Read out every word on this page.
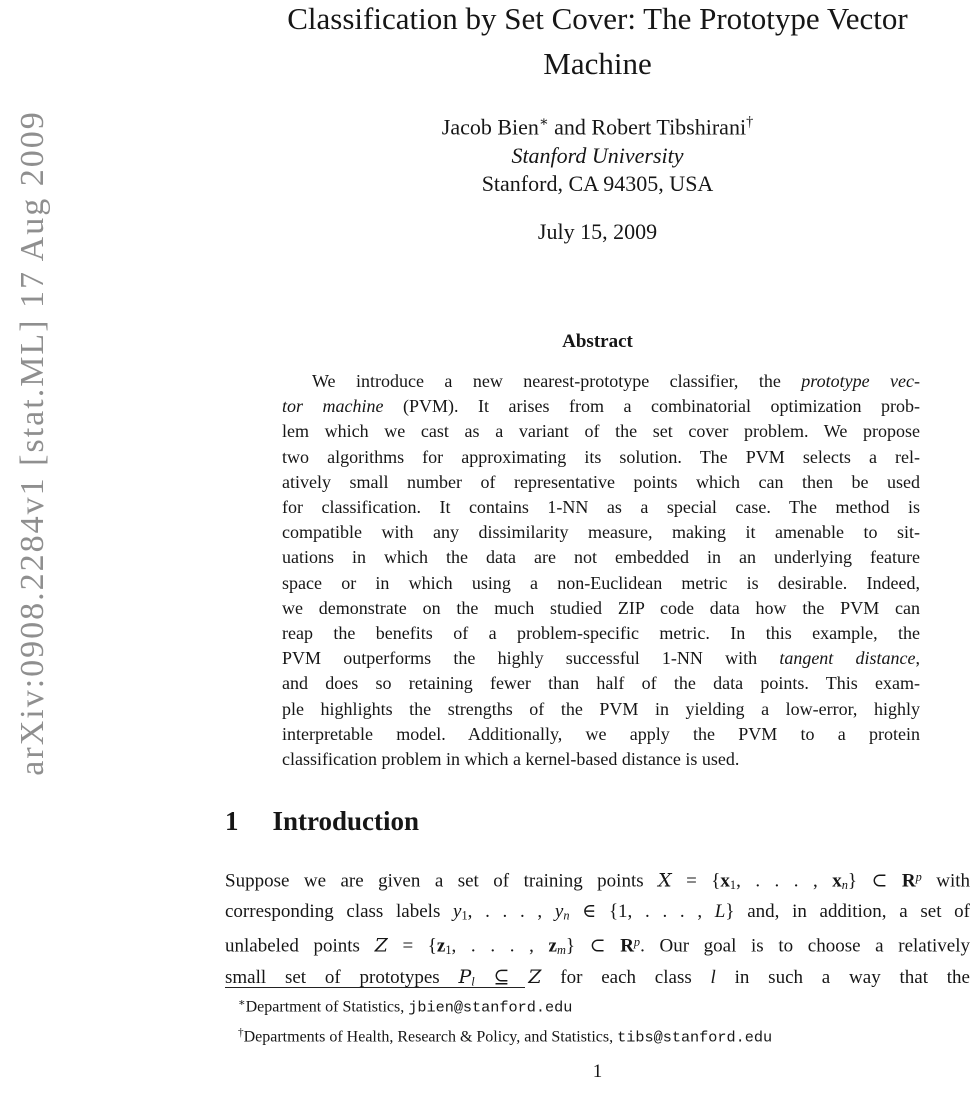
arXiv:0908.2284v1 [stat.ML] 17 Aug 2009
Classification by Set Cover: The Prototype Vector
Machine
Jacob Bien∗ and Robert Tibshirani†
Stanford University
Stanford, CA 94305, USA
July 15, 2009
Abstract
We introduce a new nearest-prototype classifier, the prototype vec-
tor machine (PVM). It arises from a combinatorial optimization prob-
lem which we cast as a variant of the set cover problem. We propose
two algorithms for approximating its solution. The PVM selects a rel-
atively small number of representative points which can then be used
for classification. It contains 1-NN as a special case. The method is
compatible with any dissimilarity measure, making it amenable to sit-
uations in which the data are not embedded in an underlying feature
space or in which using a non-Euclidean metric is desirable. Indeed,
we demonstrate on the much studied ZIP code data how the PVM can
reap the benefits of a problem-specific metric. In this example, the
PVM outperforms the highly successful 1-NN with tangent distance,
and does so retaining fewer than half of the data points. This exam-
ple highlights the strengths of the PVM in yielding a low-error, highly
interpretable model. Additionally, we apply the PVM to a protein
classification problem in which a kernel-based distance is used.
1 Introduction
Suppose we are given a set of training points $X = \{x_1$, . . . , $x_n$} ⊂ $R^p$ with
corresponding class labels $y_1$, . . . , $y_n$ ∈ {1, . . . , L} and, in addition, a set of
unlabeled points $Z = \{z_1$, . . . , $z_m$} ⊂ $R^p$. Our goal is to choose a relatively
small set of prototypes $P_l$ ⊆ Z for each class l in such a way that the
∗Department of Statistics, jbien@stanford.edu
†Departments of Health, Research & Policy, and Statistics, tibs@stanford.edu
1
